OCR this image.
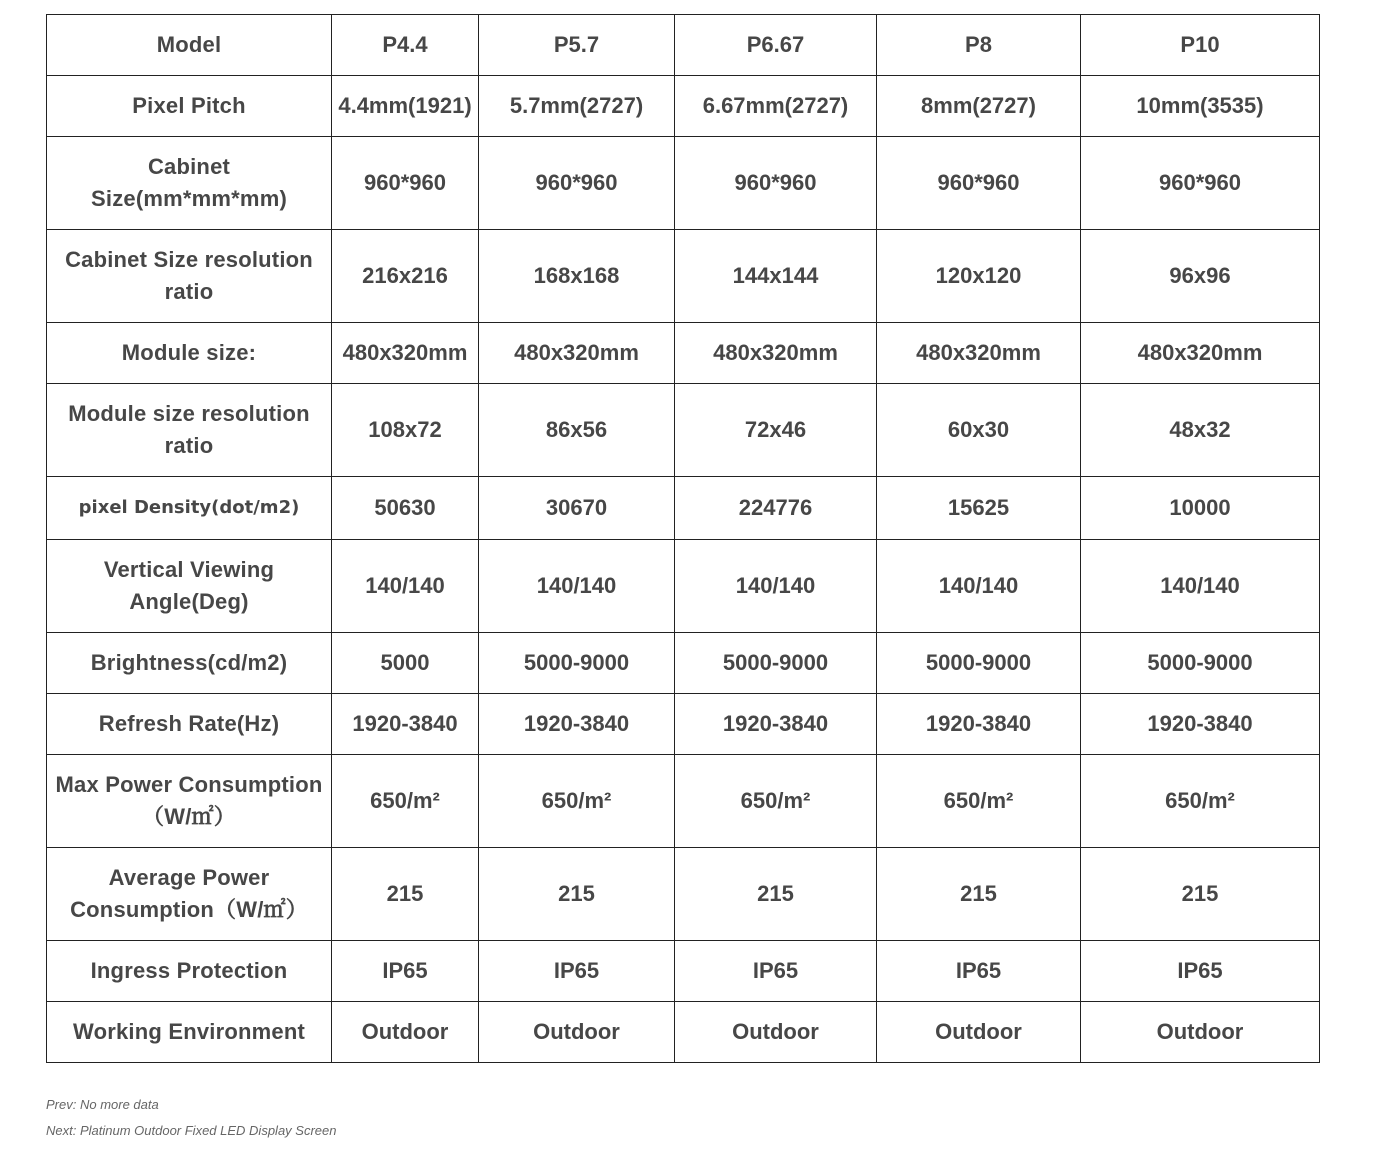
Model	P4.4	P5.7	P6.67	P8	P10
Pixel Pitch	4.4mm(1921)	5.7mm(2727)	6.67mm(2727)	8mm(2727)	10mm(3535)
Cabinet Size(mm*mm*mm)	960*960	960*960	960*960	960*960	960*960
Cabinet Size resolution ratio	216x216	168x168	144x144	120x120	96x96
Module size:	480x320mm	480x320mm	480x320mm	480x320mm	480x320mm
Module size resolution ratio	108x72	86x56	72x46	60x30	48x32
pixel Density(dot/m2)	50630	30670	224776	15625	10000
Vertical Viewing Angle(Deg)	140/140	140/140	140/140	140/140	140/140
Brightness(cd/m2)	5000	5000-9000	5000-9000	5000-9000	5000-9000
Refresh Rate(Hz)	1920-3840	1920-3840	1920-3840	1920-3840	1920-3840
Max Power Consumption（W/㎡）	650/m²	650/m²	650/m²	650/m²	650/m²
Average Power Consumption（W/㎡）	215	215	215	215	215
Ingress Protection	IP65	IP65	IP65	IP65	IP65
Working Environment	Outdoor	Outdoor	Outdoor	Outdoor	Outdoor
Prev: No more data
Next: Platinum Outdoor Fixed LED Display Screen
